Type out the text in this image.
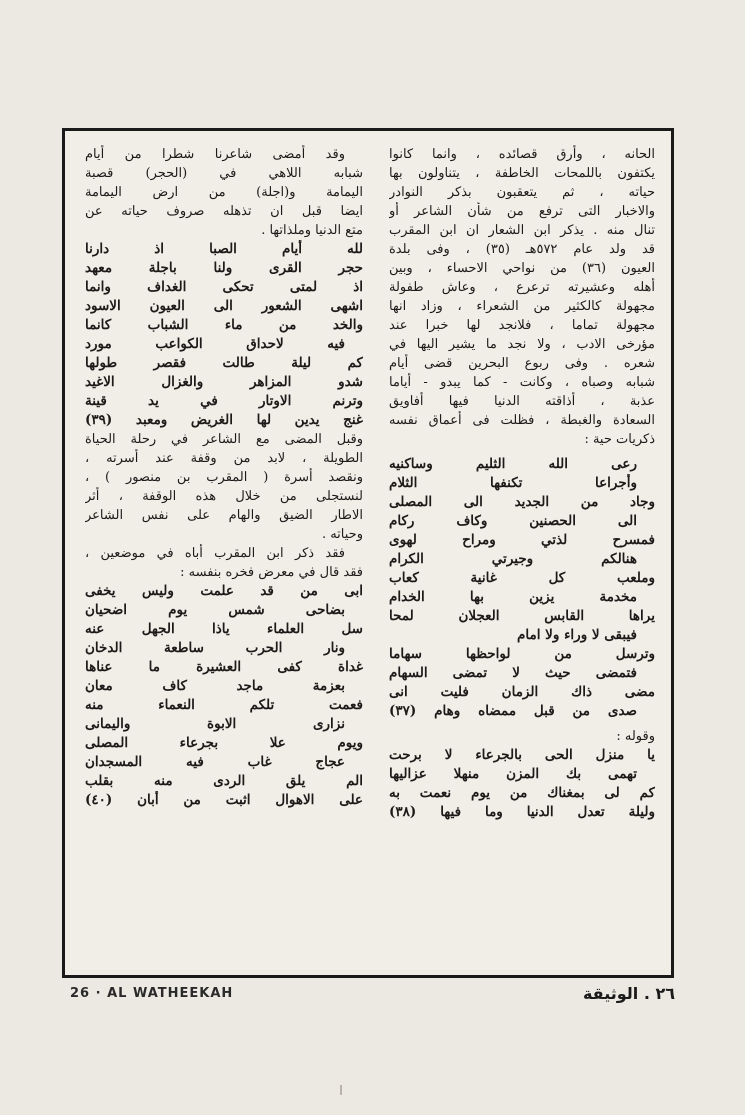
الحانه ، وأرق قصائده ، وانما كانوا
يكتفون باللمحات الخاطفة ، يتناولون بها
حياته ، ثم يتعقبون بذكر النوادر
والاخبار التى ترفع من شأن الشاعر أو
تنال منه . يذكر ابن الشعار ان ابن المقرب
قد ولد عام ٥٧٢هـ (٣٥) ، وفى بلدة
العيون (٣٦) من نواحي الاحساء ، وبين
أهله وعشيرته ترعرع ، وعاش طفولة
مجهولة كالكثير من الشعراء ، وزاد انها
مجهولة تماما ، فلانجد لها خبرا عند
مؤرخى الادب ، ولا نجد ما يشير اليها في
شعره . وفى ربوع البحرين قضى أيام
شبابه وصباه ، وكانت - كما يبدو - أياما
عذبة ، أذاقته الدنيا فيها أفاويق
السعادة والغبطة ، فظلت فى أعماق نفسه
ذكريات حية :
رعى الله الثليم وساكنيه
وأجراعا تكنفها الثلام
وجاد من الجديد الى المصلى
الى الحصنين وكاف ركام
فمسرح لذتي ومراح لهوى
هنالكم وجيرتي الكرام
وملعب كل غانية كعاب
مخدمة يزين بها الخدام
يراها القابس العجلان لمحا
فيبقى لا وراء ولا امام
وترسل من لواحظها سهاما
فتمضى حيث لا تمضى السهام
مضى ذاك الزمان فليت انى
صدى من قبل ممضاه وهام (٣٧)
وقوله :
يا منزل الحى بالجرعاء لا برحت
تهمى بك المزن منهلا عزاليها
كم لى بمغناك من يوم نعمت به
وليلة تعدل الدنيا وما فيها (٣٨)
وقد أمضى شاعرنا شطرا من أيام
شبابه اللاهي في (الحجر) قصبة
اليمامة و(اجلة) من ارض اليمامة
ايضا قبل ان تذهله صروف حياته عن
متع الدنيا وملذاتها .
لله أيام الصبا اذ دارنا
حجر القرى ولنا باجلة معهد
اذ لمتى تحكى الغداف وانما
اشهى الشعور الى العيون الاسود
والخد من ماء الشباب كانما
فيه لاحداق الكواعب مورد
كم ليلة طالت فقصر طولها
شدو المزاهر والغزال الاغيد
وترنم الاوتار في يد قينة
غنج يدين لها الغريض ومعبد (٣٩)
وقبل المضى مع الشاعر في رحلة الحياة
الطويلة ، لابد من وقفة عند أسرته ،
ونقصد أسرة ( المقرب بن منصور ) ،
لنستجلى من خلال هذه الوقفة ، أثر
الاطار الضيق والهام على نفس الشاعر
وحياته .
فقد ذكر ابن المقرب أباه في موضعين ،
فقد قال في معرض فخره بنفسه :
ابى من قد علمت وليس يخفى
بضاحى شمس يوم اضحيان
سل العلماء ياذا الجهل عنه
ونار الحرب ساطعة الدخان
غداة كفى العشيرة ما عناها
بعزمة ماجد كاف معان
فعمت تلكم النعماء منه
نزارى الابوة واليمانى
ويوم علا بجرعاء المصلى
عجاج غاب فيه المسجدان
الم يلق الردى منه بقلب
على الاهوال اثبت من أبان (٤٠)
26 · AL WATHEEKAH	٢٦ . الوثيقة
